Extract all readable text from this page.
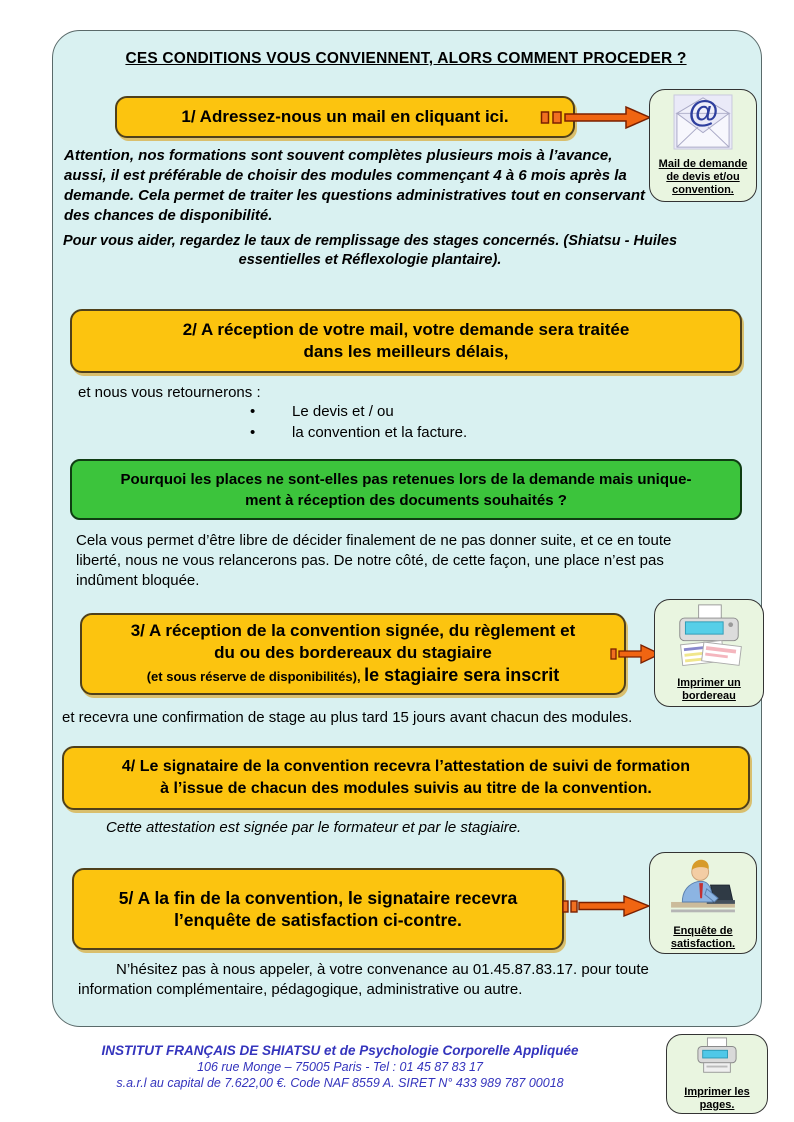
CES CONDITIONS VOUS CONVIENNENT, ALORS COMMENT PROCEDER ?
1/ Adressez-nous un mail en cliquant ici.	@
Mail de demande de devis et/ou convention.
Attention, nos formations sont souvent complètes plusieurs mois à l’avance, aussi, il est préférable de choisir des modules commençant 4 à 6 mois après la demande. Cela permet de traiter les questions administratives tout en conservant des chances de disponibilité.
Pour vous aider, regardez le taux de remplissage des stages concernés. (Shiatsu - Huiles essentielles et Réflexologie plantaire).
2/ A réception de votre mail, votre demande sera traitée
dans les meilleurs délais,
et nous vous retournerons :
• Le devis et / ou
• la convention et la facture.
Pourquoi les places ne sont-elles pas retenues lors de la demande mais unique-
ment à réception des documents souhaités ?
Cela vous permet d’être libre de décider finalement de ne pas donner suite, et ce en toute liberté, nous ne vous relancerons pas. De notre côté, de cette façon, une place n’est pas indûment bloquée.
3/ A réception de la convention signée, du règlement et
du ou des bordereaux du stagiaire
(et sous réserve de disponibilités), le stagiaire sera inscrit	Imprimer un bordereau
et recevra une confirmation de stage au plus tard 15 jours avant chacun des modules.
4/ Le signataire de la convention recevra l’attestation de suivi de formation
à l’issue de chacun des modules suivis au titre de la convention.
Cette attestation est signée par le formateur et par le stagiaire.
5/ A la fin de la convention, le signataire recevra
l’enquête de satisfaction ci-contre.
Enquête de satisfaction.
N’hésitez pas à nous appeler, à votre convenance au 01.45.87.83.17. pour toute information complémentaire, pédagogique, administrative ou autre.
INSTITUT FRANÇAIS DE SHIATSU et de Psychologie Corporelle Appliquée
106 rue Monge – 75005 Paris - Tel : 01 45 87 83 17
s.a.r.l au capital de 7.622,00 €. Code NAF 8559 A. SIRET N° 433 989 787 00018
Imprimer les pages.
